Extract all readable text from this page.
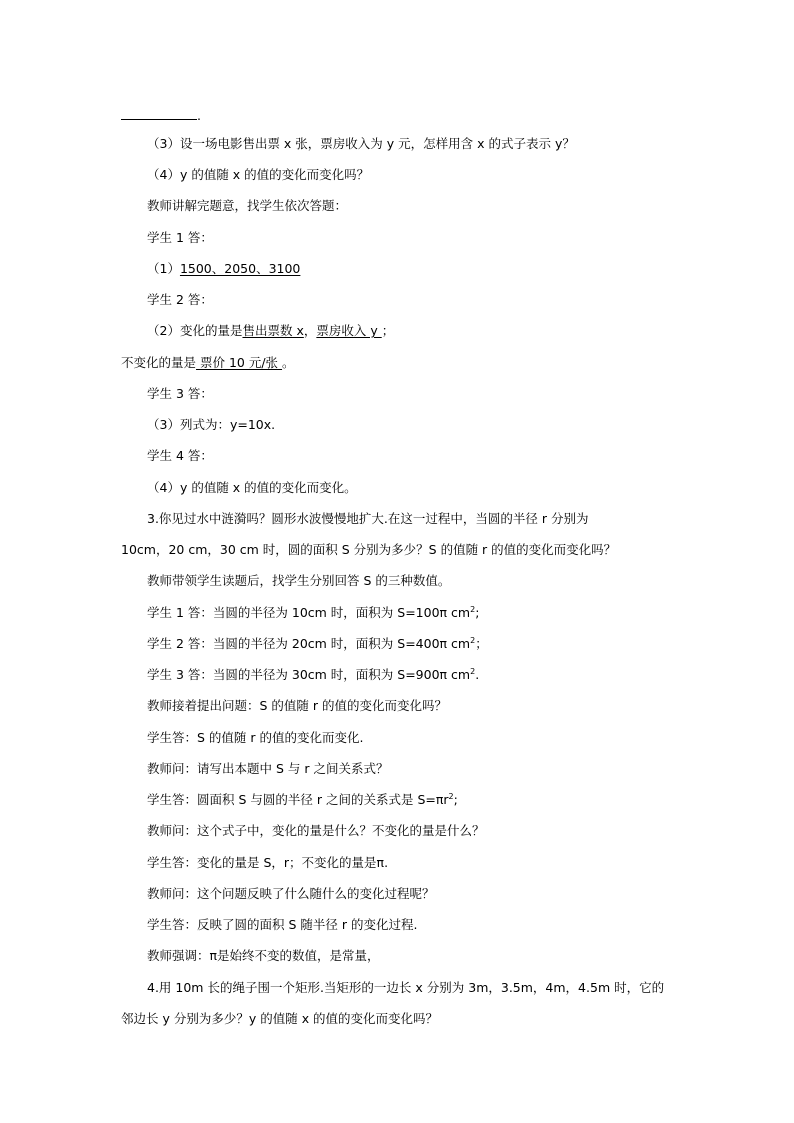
.
（3）设一场电影售出票 x 张，票房收入为 y 元，怎样用含 x 的式子表示 y？
（4）y 的值随 x 的值的变化而变化吗？
教师讲解完题意，找学生依次答题：
学生 1 答：
（1）1500、2050、3100
学生 2 答：
（2）变化的量是售出票数 x，票房收入 y ；
不变化的量是 票价 10 元/张 。
学生 3 答：
（3）列式为：y=10x.
学生 4 答：
（4）y 的值随 x 的值的变化而变化。
3.你见过水中涟漪吗？圆形水波慢慢地扩大.在这一过程中，当圆的半径 r 分别为
10cm，20 cm，30 cm 时，圆的面积 S 分别为多少？S 的值随 r 的值的变化而变化吗？
教师带领学生读题后，找学生分别回答 S 的三种数值。
学生 1 答：当圆的半径为 10cm 时，面积为 S=100π $cm^2$;
学生 2 答：当圆的半径为 20cm 时，面积为 S=400π $cm^2$；
学生 3 答：当圆的半径为 30cm 时，面积为 S=900π $cm^2$.
教师接着提出问题：S 的值随 r 的值的变化而变化吗？
学生答：S 的值随 r 的值的变化而变化.
教师问：请写出本题中 S 与 r 之间关系式？
学生答：圆面积 S 与圆的半径 r 之间的关系式是 $S=\pi r^2$;
教师问：这个式子中，变化的量是什么？不变化的量是什么？
学生答：变化的量是 S，r；不变化的量是π.
教师问：这个问题反映了什么随什么的变化过程呢？
学生答：反映了圆的面积 S 随半径 r 的变化过程.
教师强调：π是始终不变的数值，是常量，
4.用 10m 长的绳子围一个矩形.当矩形的一边长 x 分别为 3m，3.5m，4m，4.5m 时，它的
邻边长 y 分别为多少？y 的值随 x 的值的变化而变化吗？
